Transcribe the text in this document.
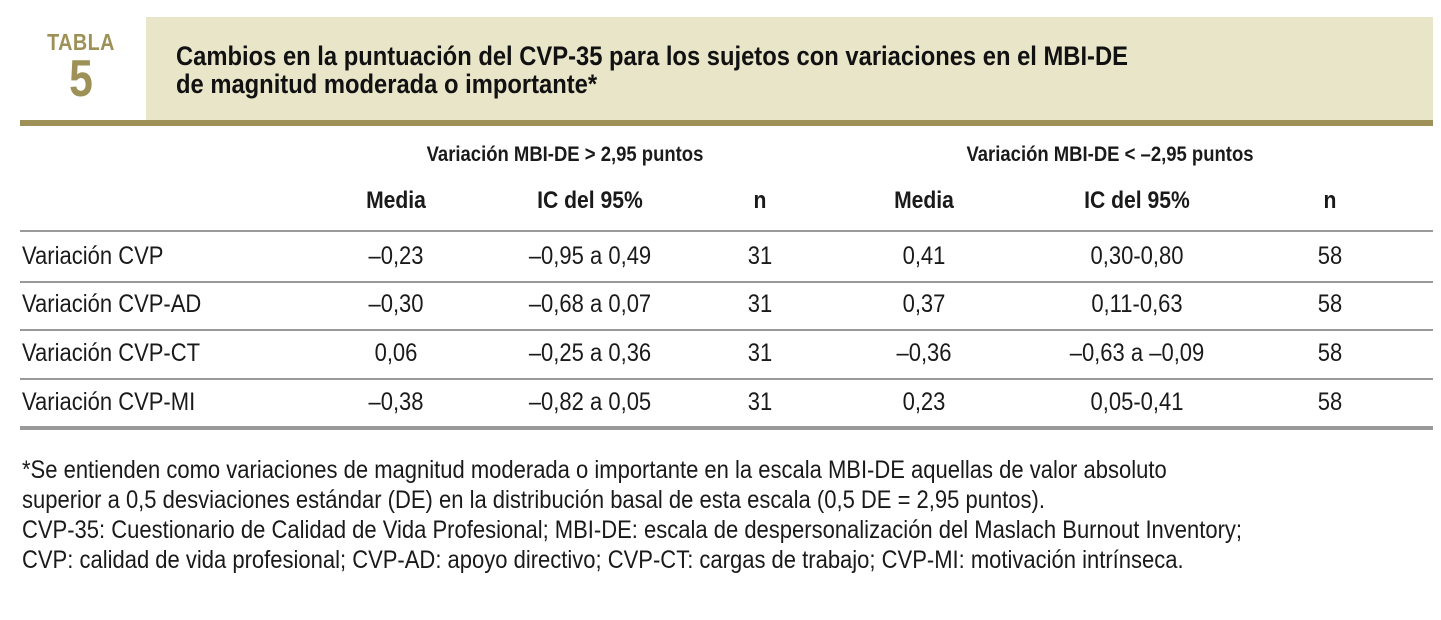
TABLA
5	Cambios en la puntuación del CVP-35 para los sujetos con variaciones en el MBI-DE
de magnitud moderada o importante*
Variación MBI-DE > 2,95 puntos	Variación MBI-DE < –2,95 puntos
Media	IC del 95%	n	Media	IC del 95%	n
Variación CVP	–0,23	–0,95 a 0,49	31	0,41	0,30-0,80	58
Variación CVP-AD	–0,30	–0,68 a 0,07	31	0,37	0,11-0,63	58
Variación CVP-CT	0,06	–0,25 a 0,36	31	–0,36	–0,63 a –0,09	58
Variación CVP-MI	–0,38	–0,82 a 0,05	31	0,23	0,05-0,41	58
*Se entienden como variaciones de magnitud moderada o importante en la escala MBI-DE aquellas de valor absoluto
superior a 0,5 desviaciones estándar (DE) en la distribución basal de esta escala (0,5 DE = 2,95 puntos).
CVP-35: Cuestionario de Calidad de Vida Profesional; MBI-DE: escala de despersonalización del Maslach Burnout Inventory;
CVP: calidad de vida profesional; CVP-AD: apoyo directivo; CVP-CT: cargas de trabajo; CVP-MI: motivación intrínseca.
